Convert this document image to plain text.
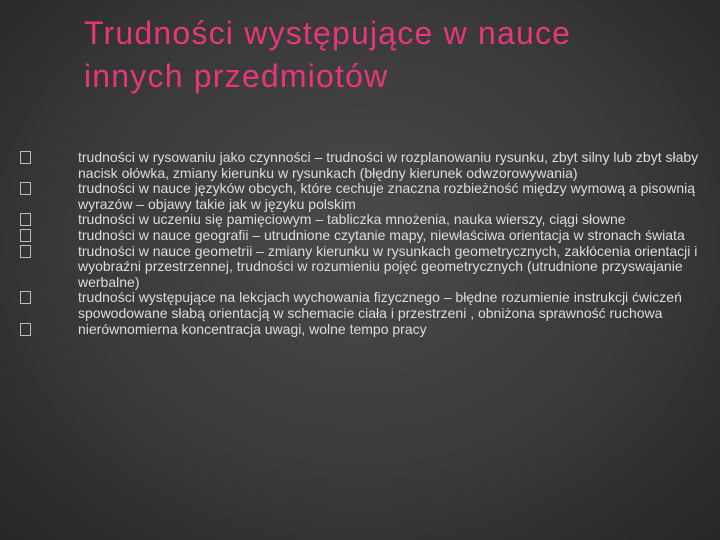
Trudności występujące w nauce
innych przedmiotów
trudności w rysowaniu jako czynności – trudności w rozplanowaniu rysunku, zbyt silny lub zbyt słaby nacisk ołówka, zmiany kierunku w rysunkach (błędny kierunek odwzorowywania)
trudności w nauce języków obcych, które cechuje znaczna rozbieżność między wymową a pisownią wyrazów – objawy takie jak w języku polskim
trudności w uczeniu się pamięciowym – tabliczka mnożenia, nauka wierszy, ciągi słowne
trudności w nauce geografii – utrudnione czytanie mapy, niewłaściwa orientacja w stronach świata
trudności w nauce geometrii – zmiany kierunku w rysunkach geometrycznych, zakłócenia orientacji i wyobraźni przestrzennej, trudności w rozumieniu pojęć geometrycznych (utrudnione przyswajanie werbalne)
trudności występujące na lekcjach wychowania fizycznego – błędne rozumienie instrukcji ćwiczeń spowodowane słabą orientacją w schemacie ciała i przestrzeni , obniżona sprawność ruchowa
nierównomierna koncentracja uwagi, wolne tempo pracy
